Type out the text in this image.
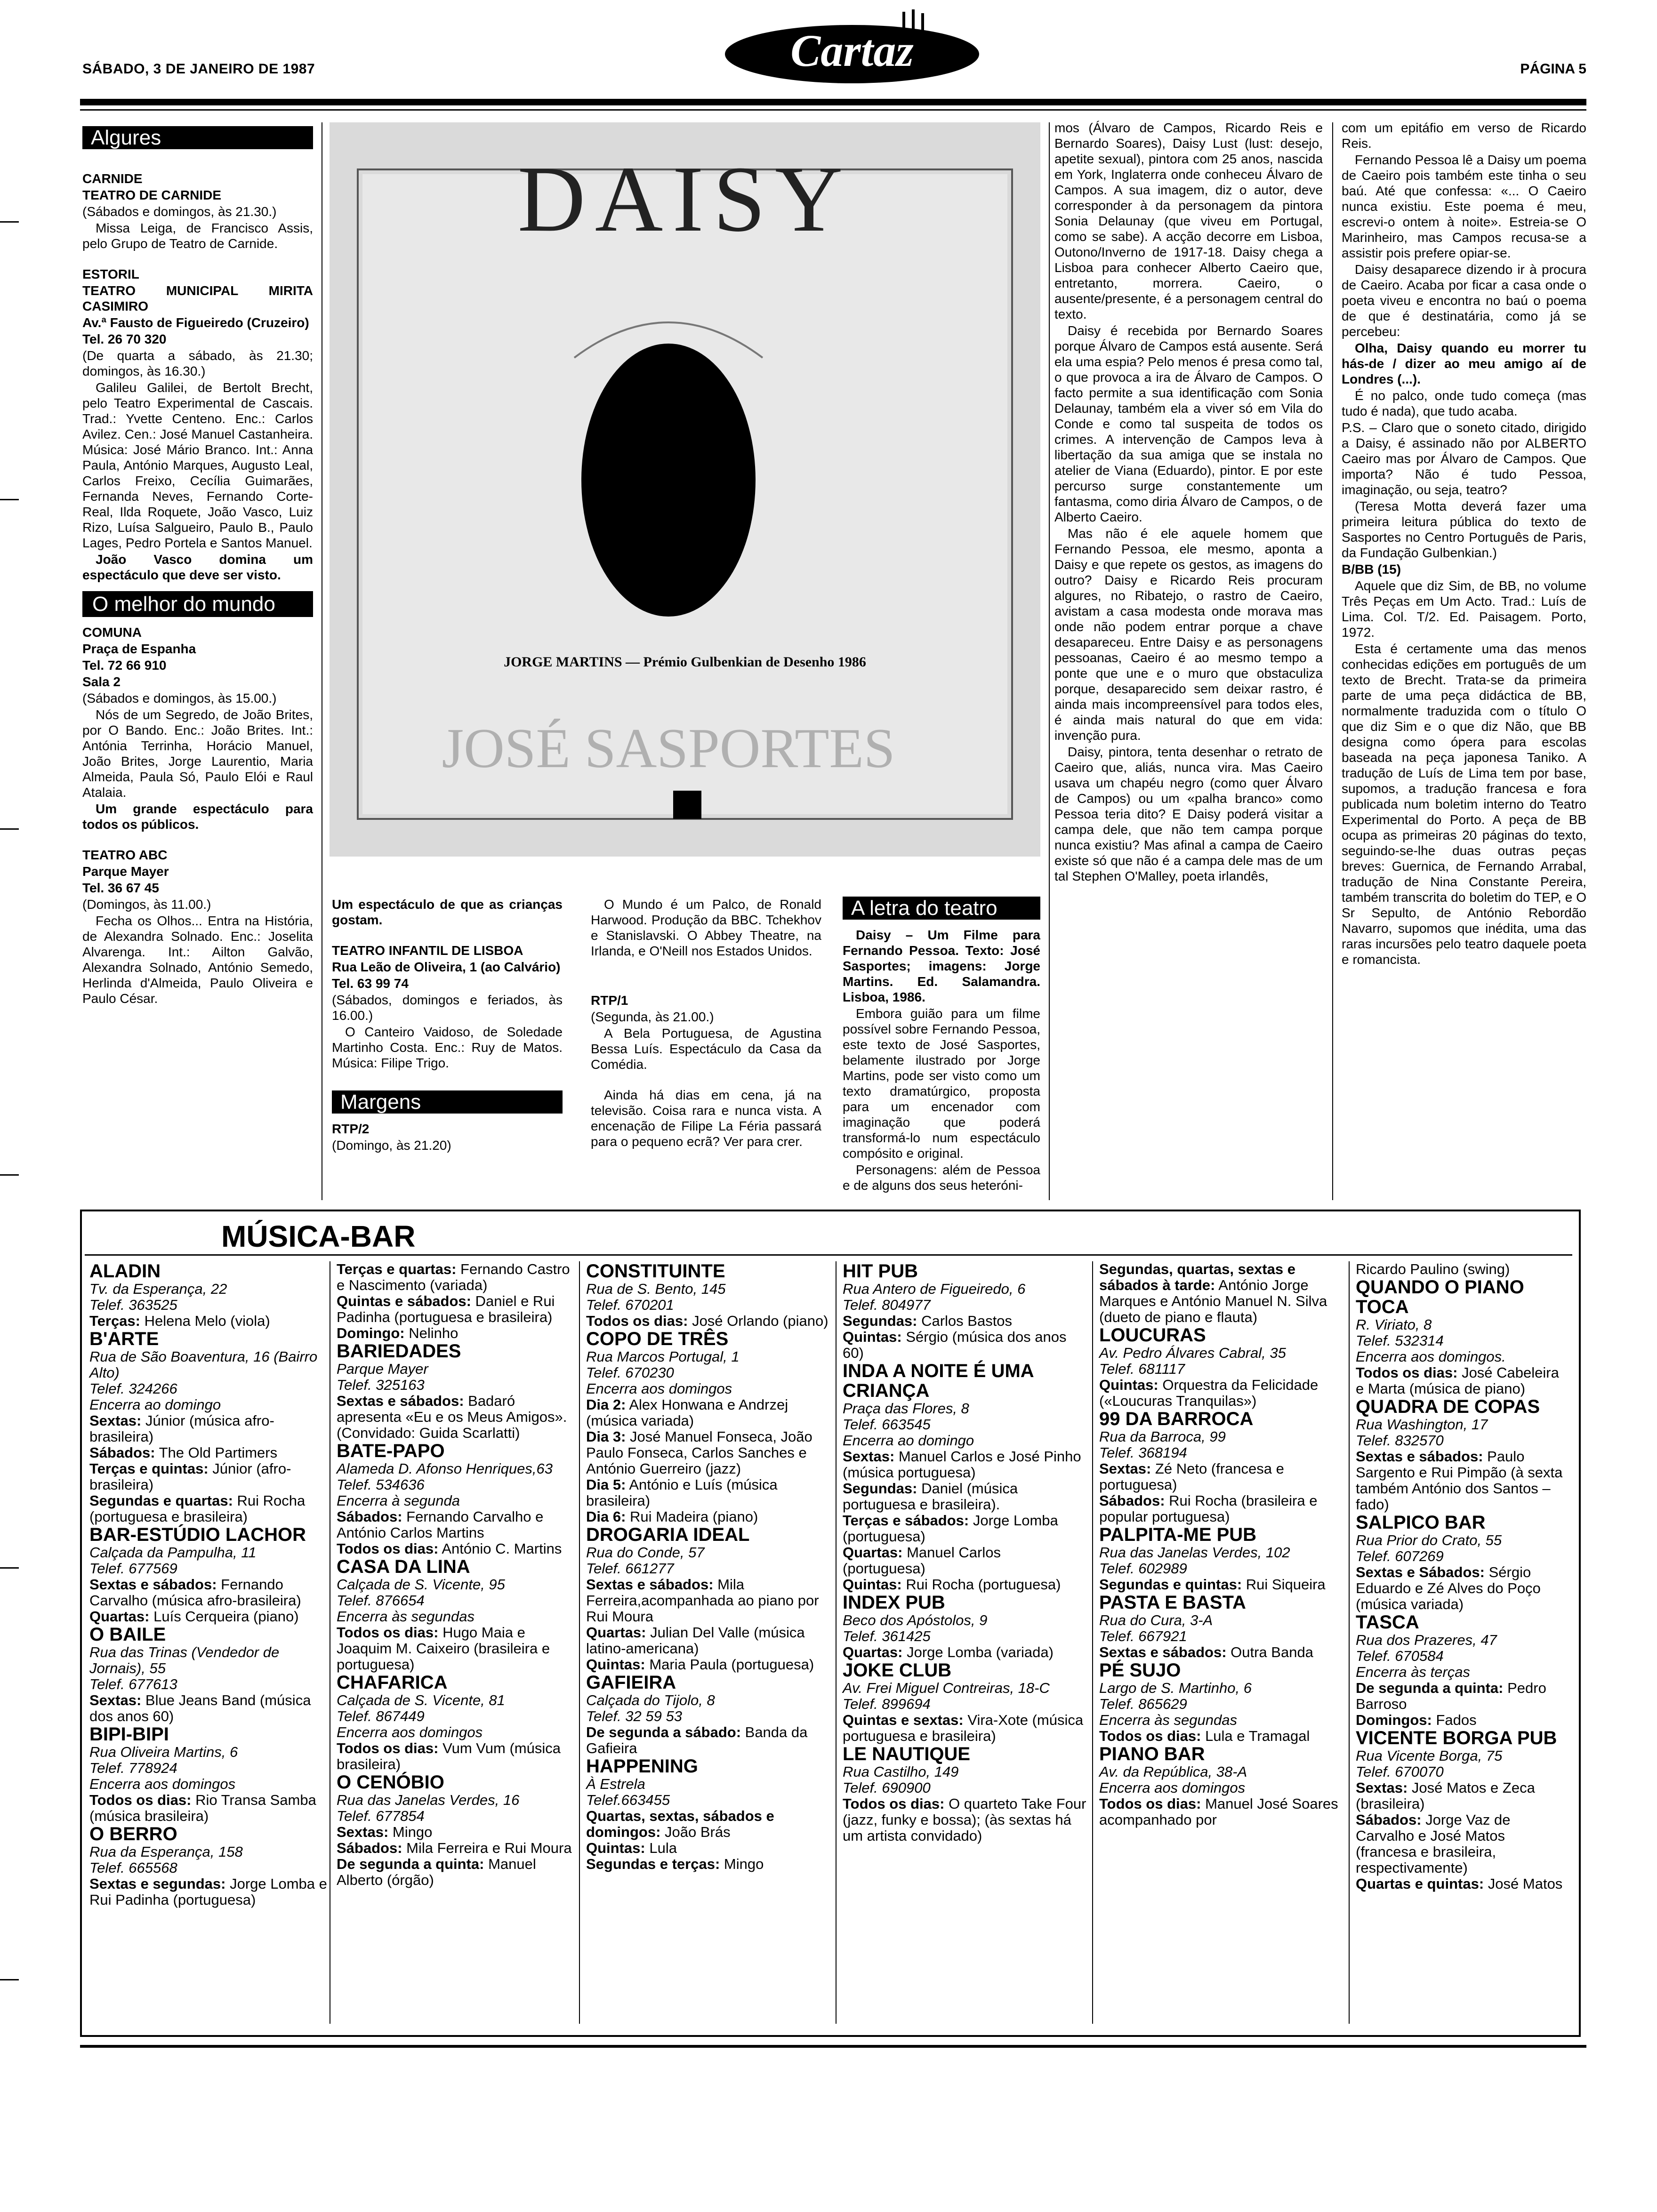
SÁBADO, 3 DE JANEIRO DE 1987	PÁGINA 5
Cartaz
Algures

CARNIDE

TEATRO DE CARNIDE

(Sábados e domingos, às 21.30.)

Missa Leiga, de Francisco Assis, pelo Grupo de Teatro de Carnide.

ESTORIL

TEATRO MUNICIPAL MIRITA CASIMIRO

Av.ª Fausto de Figueiredo (Cruzeiro)

Tel. 26 70 320

(De quarta a sábado, às 21.30; domingos, às 16.30.)

Galileu Galilei, de Bertolt Brecht, pelo Teatro Experimental de Cascais. Trad.: Yvette Centeno. Enc.: Carlos Avilez. Cen.: José Manuel Castanheira. Música: José Mário Branco. Int.: Anna Paula, António Marques, Augusto Leal, Carlos Freixo, Cecília Guimarães, Fernanda Neves, Fernando Corte-Real, Ilda Roquete, João Vasco, Luiz Rizo, Luísa Salgueiro, Paulo B., Paulo Lages, Pedro Portela e Santos Manuel.

João Vasco domina um espectáculo que deve ser visto.

O melhor do mundo

COMUNA

Praça de Espanha

Tel. 72 66 910

Sala 2

(Sábados e domingos, às 15.00.)

Nós de um Segredo, de João Brites, por O Bando. Enc.: João Brites. Int.: Antónia Terrinha, Horácio Manuel, João Brites, Jorge Laurentio, Maria Almeida, Paula Só, Paulo Elói e Raul Atalaia.

Um grande espectáculo para todos os públicos.

TEATRO ABC

Parque Mayer

Tel. 36 67 45

(Domingos, às 11.00.)

Fecha os Olhos... Entra na História, de Alexandra Solnado. Enc.: Joselita Alvarenga. Int.: Ailton Galvão, Alexandra Solnado, António Semedo, Herlinda d'Almeida, Paulo Oliveira e Paulo César.

DAISY
JOSÉ SASPORTES
JORGE MARTINS — Prémio Gulbenkian de Desenho 1986

Um espectáculo de que as crianças gostam.

TEATRO INFANTIL DE LISBOA

Rua Leão de Oliveira, 1 (ao Calvário)

Tel. 63 99 74

(Sábados, domingos e feriados, às 16.00.)

O Canteiro Vaidoso, de Soledade Martinho Costa. Enc.: Ruy de Matos. Música: Filipe Trigo.

Margens

RTP/2

(Domingo, às 21.20)

O Mundo é um Palco, de Ronald Harwood. Produção da BBC. Tchekhov e Stanislavski. O Abbey Theatre, na Irlanda, e O'Neill nos Estados Unidos.

RTP/1

(Segunda, às 21.00.)

A Bela Portuguesa, de Agustina Bessa Luís. Espectáculo da Casa da Comédia.

Ainda há dias em cena, já na televisão. Coisa rara e nunca vista. A encenação de Filipe La Féria passará para o pequeno ecrã? Ver para crer.

A letra do teatro

Daisy – Um Filme para Fernando Pessoa. Texto: José Sasportes; imagens: Jorge Martins. Ed. Salamandra. Lisboa, 1986.

Embora guião para um filme possível sobre Fernando Pessoa, este texto de José Sasportes, belamente ilustrado por Jorge Martins, pode ser visto como um texto dramatúrgico, proposta para um encenador com imaginação que poderá transformá-lo num espectáculo compósito e original.

Personagens: além de Pessoa e de alguns dos seus heteróni-

mos (Álvaro de Campos, Ricardo Reis e Bernardo Soares), Daisy Lust (lust: desejo, apetite sexual), pintora com 25 anos, nascida em York, Inglaterra onde conheceu Álvaro de Campos. A sua imagem, diz o autor, deve corresponder à da personagem da pintora Sonia Delaunay (que viveu em Portugal, como se sabe). A acção decorre em Lisboa, Outono/Inverno de 1917-18. Daisy chega a Lisboa para conhecer Alberto Caeiro que, entretanto, morrera. Caeiro, o ausente/presente, é a personagem central do texto.

Daisy é recebida por Bernardo Soares porque Álvaro de Campos está ausente. Será ela uma espia? Pelo menos é presa como tal, o que provoca a ira de Álvaro de Campos. O facto permite a sua identificação com Sonia Delaunay, também ela a viver só em Vila do Conde e como tal suspeita de todos os crimes. A intervenção de Campos leva à libertação da sua amiga que se instala no atelier de Viana (Eduardo), pintor. E por este percurso surge constantemente um fantasma, como diria Álvaro de Campos, o de Alberto Caeiro.

Mas não é ele aquele homem que Fernando Pessoa, ele mesmo, aponta a Daisy e que repete os gestos, as imagens do outro? Daisy e Ricardo Reis procuram algures, no Ribatejo, o rastro de Caeiro, avistam a casa modesta onde morava mas onde não podem entrar porque a chave desapareceu. Entre Daisy e as personagens pessoanas, Caeiro é ao mesmo tempo a ponte que une e o muro que obstaculiza porque, desaparecido sem deixar rastro, é ainda mais incompreensível para todos eles, é ainda mais natural do que em vida: invenção pura.

Daisy, pintora, tenta desenhar o retrato de Caeiro que, aliás, nunca vira. Mas Caeiro usava um chapéu negro (como quer Álvaro de Campos) ou um «palha branco» como Pessoa teria dito? E Daisy poderá visitar a campa dele, que não tem campa porque nunca existiu? Mas afinal a campa de Caeiro existe só que não é a campa dele mas de um tal Stephen O'Malley, poeta irlandês,

com um epitáfio em verso de Ricardo Reis.

Fernando Pessoa lê a Daisy um poema de Caeiro pois também este tinha o seu baú. Até que confessa: «... O Caeiro nunca existiu. Este poema é meu, escrevi-o ontem à noite». Estreia-se O Marinheiro, mas Campos recusa-se a assistir pois prefere opiar-se.

Daisy desaparece dizendo ir à procura de Caeiro. Acaba por ficar a casa onde o poeta viveu e encontra no baú o poema de que é destinatária, como já se percebeu:

Olha, Daisy quando eu morrer tu hás-de / dizer ao meu amigo aí de Londres (...).

É no palco, onde tudo começa (mas tudo é nada), que tudo acaba.

P.S. – Claro que o soneto citado, dirigido a Daisy, é assinado não por ALBERTO Caeiro mas por Álvaro de Campos. Que importa? Não é tudo Pessoa, imaginação, ou seja, teatro?

(Teresa Motta deverá fazer uma primeira leitura pública do texto de Sasportes no Centro Português de Paris, da Fundação Gulbenkian.)

B/BB (15)

Aquele que diz Sim, de BB, no volume Três Peças em Um Acto. Trad.: Luís de Lima. Col. T/2. Ed. Paisagem. Porto, 1972.

Esta é certamente uma das menos conhecidas edições em português de um texto de Brecht. Trata-se da primeira parte de uma peça didáctica de BB, normalmente traduzida com o título O que diz Sim e o que diz Não, que BB designa como ópera para escolas baseada na peça japonesa Taniko. A tradução de Luís de Lima tem por base, supomos, a tradução francesa e fora publicada num boletim interno do Teatro Experimental do Porto. A peça de BB ocupa as primeiras 20 páginas do texto, seguindo-se-lhe duas outras peças breves: Guernica, de Fernando Arrabal, tradução de Nina Constante Pereira, também transcrita do boletim do TEP, e O Sr Sepulto, de António Rebordão Navarro, supomos que inédita, uma das raras incursões pelo teatro daquele poeta e romancista.

MÚSICA-BAR
ALADIN
Tv. da Esperança, 22
Telef. 363525
Terças: Helena Melo (viola)
B'ARTE
Rua de São Boaventura, 16 (Bairro Alto)
Telef. 324266
Encerra ao domingo
Sextas: Júnior (música afro-brasileira)
Sábados: The Old Partimers
Terças e quintas: Júnior (afro-brasileira)
Segundas e quartas: Rui Rocha (portuguesa e brasileira)
BAR-ESTÚDIO LACHOR
Calçada da Pampulha, 11
Telef. 677569
Sextas e sábados: Fernando Carvalho (música afro-brasileira)
Quartas: Luís Cerqueira (piano)
O BAILE
Rua das Trinas (Vendedor de Jornais), 55
Telef. 677613
Sextas: Blue Jeans Band (música dos anos 60)
BIPI-BIPI
Rua Oliveira Martins, 6
Telef. 778924
Encerra aos domingos
Todos os dias: Rio Transa Samba (música brasileira)
O BERRO
Rua da Esperança, 158
Telef. 665568
Sextas e segundas: Jorge Lomba e Rui Padinha (portuguesa)
Terças e quartas: Fernando Castro e Nascimento (variada)
Quintas e sábados: Daniel e Rui Padinha (portuguesa e brasileira)
Domingo: Nelinho
BARIEDADES
Parque Mayer
Telef. 325163
Sextas e sábados: Badaró apresenta «Eu e os Meus Amigos». (Convidado: Guida Scarlatti)
BATE-PAPO
Alameda D. Afonso Henriques,63
Telef. 534636
Encerra à segunda
Sábados: Fernando Carvalho e António Carlos Martins
Todos os dias: António C. Martins
CASA DA LINA
Calçada de S. Vicente, 95
Telef. 876654
Encerra às segundas
Todos os dias: Hugo Maia e Joaquim M. Caixeiro (brasileira e portuguesa)
CHAFARICA
Calçada de S. Vicente, 81
Telef. 867449
Encerra aos domingos
Todos os dias: Vum Vum (música brasileira)
O CENÓBIO
Rua das Janelas Verdes, 16
Telef. 677854
Sextas: Mingo
Sábados: Mila Ferreira e Rui Moura
De segunda a quinta: Manuel Alberto (órgão)
CONSTITUINTE
Rua de S. Bento, 145
Telef. 670201
Todos os dias: José Orlando (piano)
COPO DE TRÊS
Rua Marcos Portugal, 1
Telef. 670230
Encerra aos domingos
Dia 2: Alex Honwana e Andrzej (música variada)
Dia 3: José Manuel Fonseca, João Paulo Fonseca, Carlos Sanches e António Guerreiro (jazz)
Dia 5: António e Luís (música brasileira)
Dia 6: Rui Madeira (piano)
DROGARIA IDEAL
Rua do Conde, 57
Telef. 661277
Sextas e sábados: Mila Ferreira,acompanhada ao piano por Rui Moura
Quartas: Julian Del Valle (música latino-americana)
Quintas: Maria Paula (portuguesa)
GAFIEIRA
Calçada do Tijolo, 8
Telef. 32 59 53
De segunda a sábado: Banda da Gafieira
HAPPENING
À Estrela
Telef.663455
Quartas, sextas, sábados e domingos: João Brás
Quintas: Lula
Segundas e terças: Mingo
HIT PUB
Rua Antero de Figueiredo, 6
Telef. 804977
Segundas: Carlos Bastos
Quintas: Sérgio (música dos anos 60)
INDA A NOITE É UMA CRIANÇA
Praça das Flores, 8
Telef. 663545
Encerra ao domingo
Sextas: Manuel Carlos e José Pinho (música portuguesa)
Segundas: Daniel (música portuguesa e brasileira).
Terças e sábados: Jorge Lomba (portuguesa)
Quartas: Manuel Carlos (portuguesa)
Quintas: Rui Rocha (portuguesa)
INDEX PUB
Beco dos Apóstolos, 9
Telef. 361425
Quartas: Jorge Lomba (variada)
JOKE CLUB
Av. Frei Miguel Contreiras, 18-C
Telef. 899694
Quintas e sextas: Vira-Xote (música portuguesa e brasileira)
LE NAUTIQUE
Rua Castilho, 149
Telef. 690900
Todos os dias: O quarteto Take Four (jazz, funky e bossa); (às sextas há um artista convidado)
Segundas, quartas, sextas e sábados à tarde: António Jorge Marques e António Manuel N. Silva (dueto de piano e flauta)
LOUCURAS
Av. Pedro Álvares Cabral, 35
Telef. 681117
Quintas: Orquestra da Felicidade («Loucuras Tranquilas»)
99 DA BARROCA
Rua da Barroca, 99
Telef. 368194
Sextas: Zé Neto (francesa e portuguesa)
Sábados: Rui Rocha (brasileira e popular portuguesa)
PALPITA-ME PUB
Rua das Janelas Verdes, 102
Telef. 602989
Segundas e quintas: Rui Siqueira
PASTA E BASTA
Rua do Cura, 3-A
Telef. 667921
Sextas e sábados: Outra Banda
PÉ SUJO
Largo de S. Martinho, 6
Telef. 865629
Encerra às segundas
Todos os dias: Lula e Tramagal
PIANO BAR
Av. da República, 38-A
Encerra aos domingos
Todos os dias: Manuel José Soares acompanhado por
Ricardo Paulino (swing)
QUANDO O PIANO TOCA
R. Viriato, 8
Telef. 532314
Encerra aos domingos.
Todos os dias: José Cabeleira e Marta (música de piano)
QUADRA DE COPAS
Rua Washington, 17
Telef. 832570
Sextas e sábados: Paulo Sargento e Rui Pimpão (à sexta também António dos Santos – fado)
SALPICO BAR
Rua Prior do Crato, 55
Telef. 607269
Sextas e Sábados: Sérgio Eduardo e Zé Alves do Poço (música variada)
TASCA
Rua dos Prazeres, 47
Telef. 670584
Encerra às terças
De segunda a quinta: Pedro Barroso
Domingos: Fados
VICENTE BORGA PUB
Rua Vicente Borga, 75
Telef. 670070
Sextas: José Matos e Zeca (brasileira)
Sábados: Jorge Vaz de Carvalho e José Matos (francesa e brasileira, respectivamente)
Quartas e quintas: José Matos
